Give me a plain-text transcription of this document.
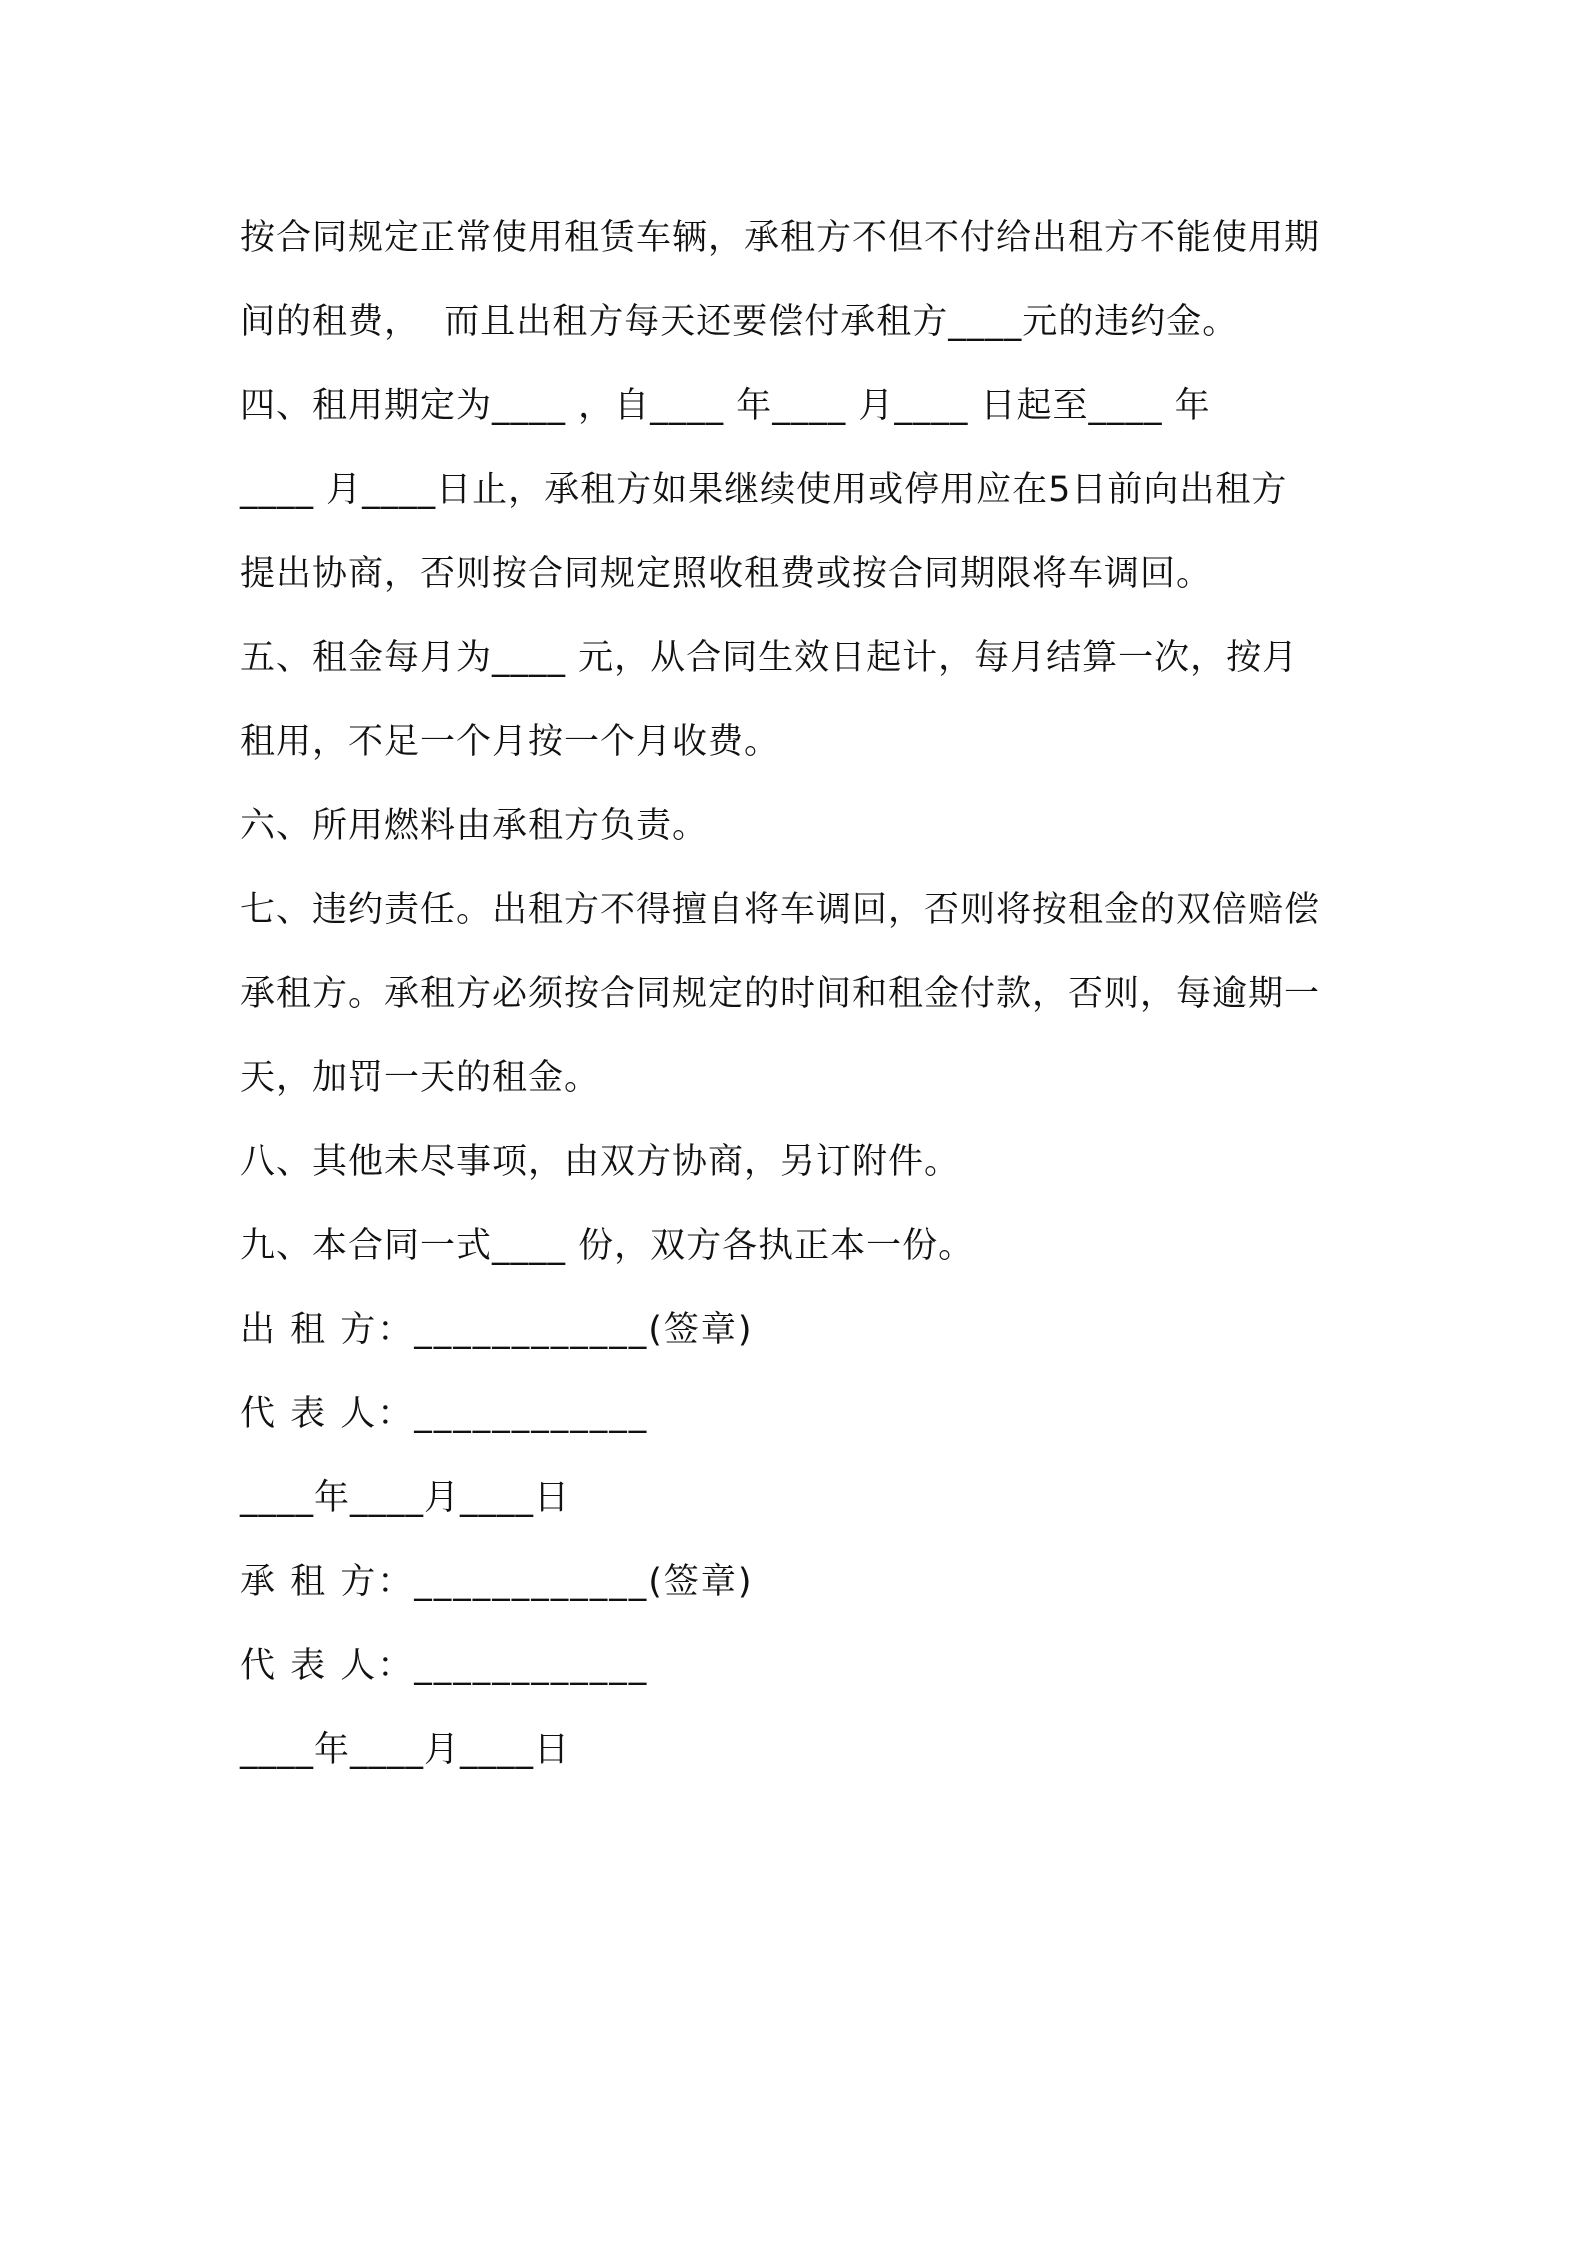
按合同规定正常使用租赁车辆，承租方不但不付给出租方不能使用期
间的租费，  而且出租方每天还要偿付承租方____元的违约金。
四、租用期定为____ ，自____ 年____ 月____ 日起至____ 年
____ 月____日止，承租方如果继续使用或停用应在5日前向出租方
提出协商，否则按合同规定照收租费或按合同期限将车调回。
五、租金每月为____ 元，从合同生效日起计，每月结算一次，按月
租用，不足一个月按一个月收费。
六、所用燃料由承租方负责。
七、违约责任。出租方不得擅自将车调回，否则将按租金的双倍赔偿
承租方。承租方必须按合同规定的时间和租金付款，否则，每逾期一
天，加罚一天的租金。
八、其他未尽事项，由双方协商，另订附件。
九、本合同一式____ 份，双方各执正本一份。
出 租 方：____________(签章)
代 表 人：____________
____年____月____日
承 租 方：____________(签章)
代 表 人：____________
____年____月____日
